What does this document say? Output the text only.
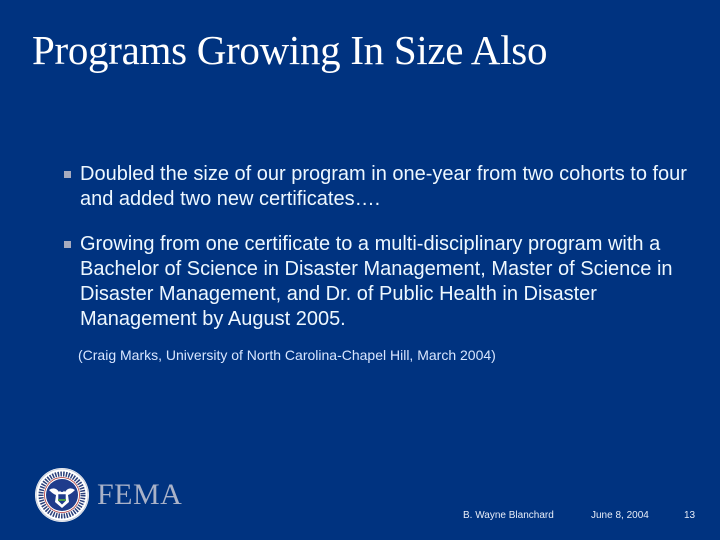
Programs Growing In Size Also
Doubled the size of our program in one-year from two cohorts to four and added two new certificates….
Growing from one certificate to a multi-disciplinary program with a Bachelor of Science in Disaster Management, Master of Science in Disaster Management, and Dr. of Public Health in Disaster Management by August 2005.
(Craig Marks, University of North Carolina-Chapel Hill, March 2004)
FEMA
B. Wayne Blanchard	June 8, 2004	13
